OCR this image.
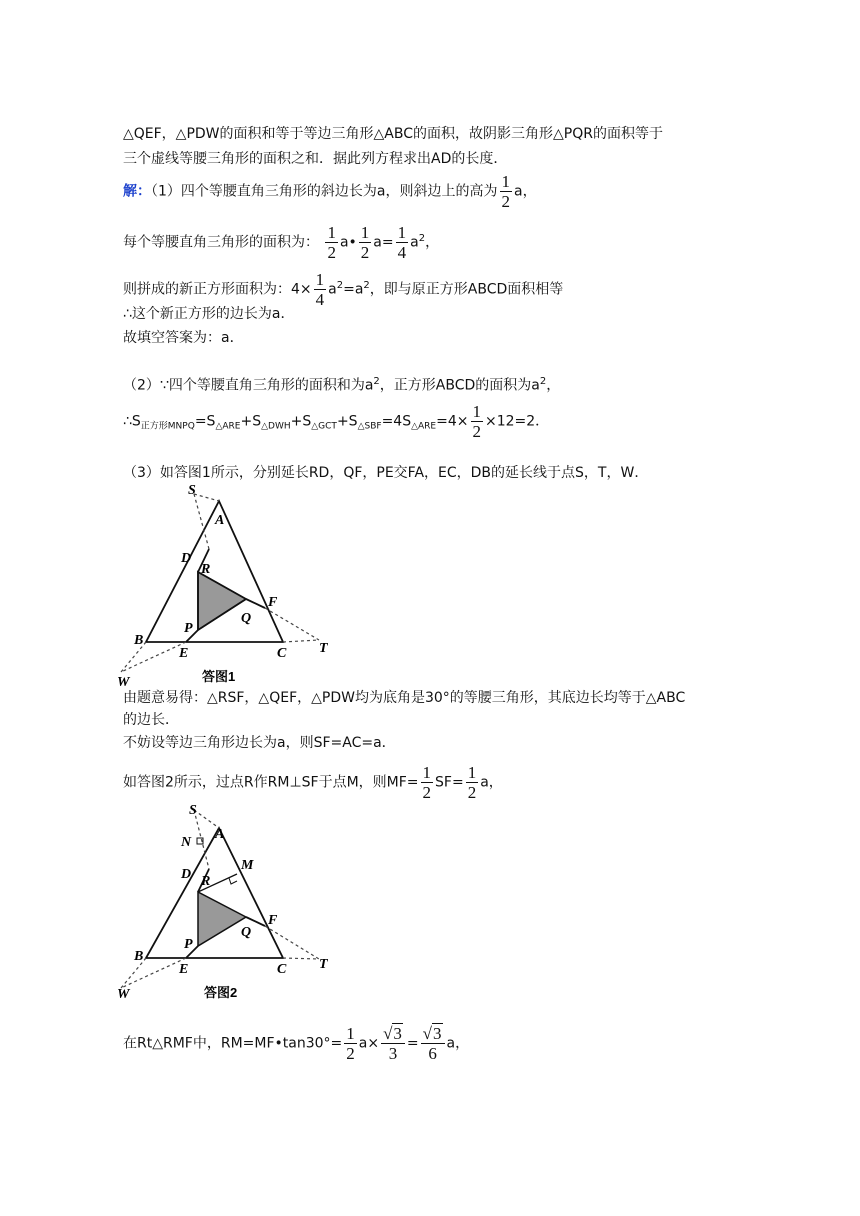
△QEF，△PDW的面积和等于等边三角形△ABC的面积，故阴影三角形△PQR的面积等于
三个虚线等腰三角形的面积之和．据此列方程求出AD的长度．
解：（1）四个等腰直角三角形的斜边长为a，则斜边上的高为 $\frac{1}{2}$ a，
每个等腰直角三角形的面积为： $\frac{1}{2}$ a• $\frac{1}{2} a= \frac{1}{4} a^2$，
则拼成的新正方形面积为：$4\times \frac{1}{4} a^2=a^2$，即与原正方形ABCD面积相等
∴这个新正方形的边长为a．
故填空答案为：a．
（2）∵四个等腰直角三角形的面积和为$a^2$，正方形ABCD的面积为$a^2$，
$\therefore S_{正方形MNPQ}=S_{\triangle ARE}+S_{\triangle DWH}+S_{\triangle GCT}+S_{\triangle SBF}=4S_{\triangle ARE}=4\times \frac{1}{2} \times 12=2$．
（3）如答图1所示，分别延长RD，QF，PE交FA，EC，DB的延长线于点S，T，W．
S
A
D
R
F
Q
B
P
E	C T
W	答图1
由题意易得：△RSF，△QEF，△PDW均为底角是30°的等腰三角形，其底边长均等于△ABC
的边长．
不妨设等边三角形边长为a，则SF=AC=a．
如答图2所示，过点R作RM⊥SF于点M，则$MF= \frac{1}{2} SF= \frac{1}{2}$ a，
S
N
A
M
D R
F
Q
B
P
E	C T
W	答图2
在Rt△RMF中，RM=MF•tan30°= $\frac{1}{2} a\times \frac{√3}{3} = \frac{√3}{6}$ a，
